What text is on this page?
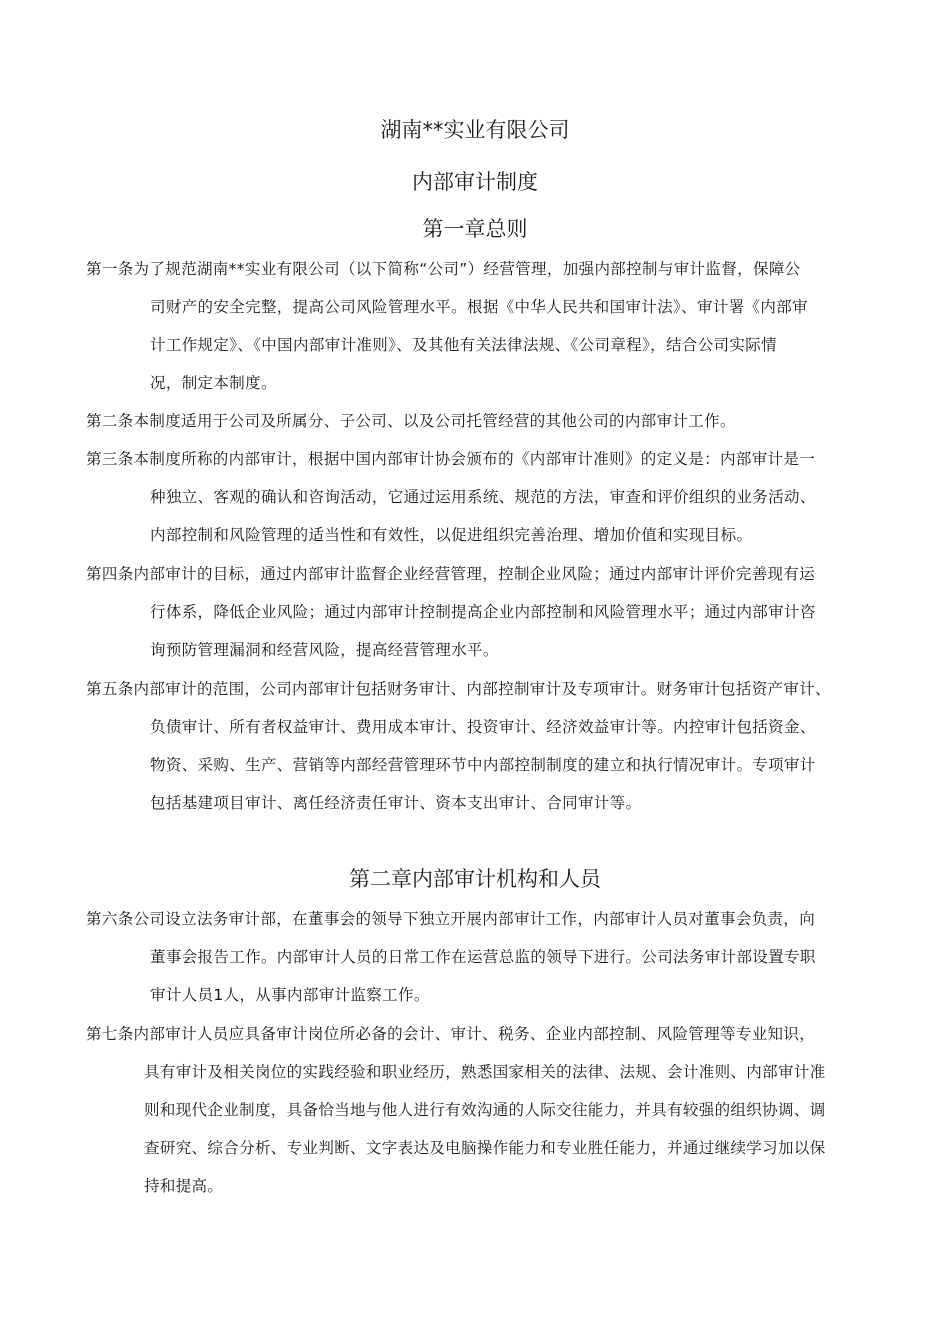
湖南**实业有限公司
内部审计制度
第一章总则
第一条为了规范湖南**实业有限公司（以下简称“公司”）经营管理，加强内部控制与审计监督，保障公
司财产的安全完整，提高公司风险管理水平。根据《中华人民共和国审计法》、审计署《内部审
计工作规定》、《中国内部审计准则》、及其他有关法律法规、《公司章程》，结合公司实际情
况，制定本制度。
第二条本制度适用于公司及所属分、子公司、以及公司托管经营的其他公司的内部审计工作。
第三条本制度所称的内部审计，根据中国内部审计协会颁布的《内部审计准则》的定义是：内部审计是一
种独立、客观的确认和咨询活动，它通过运用系统、规范的方法，审查和评价组织的业务活动、
内部控制和风险管理的适当性和有效性，以促进组织完善治理、增加价值和实现目标。
第四条内部审计的目标，通过内部审计监督企业经营管理，控制企业风险；通过内部审计评价完善现有运
行体系，降低企业风险；通过内部审计控制提高企业内部控制和风险管理水平；通过内部审计咨
询预防管理漏洞和经营风险，提高经营管理水平。
第五条内部审计的范围，公司内部审计包括财务审计、内部控制审计及专项审计。财务审计包括资产审计、
负债审计、所有者权益审计、费用成本审计、投资审计、经济效益审计等。内控审计包括资金、
物资、采购、生产、营销等内部经营管理环节中内部控制制度的建立和执行情况审计。专项审计
包括基建项目审计、离任经济责任审计、资本支出审计、合同审计等。
第二章内部审计机构和人员
第六条公司设立法务审计部，在董事会的领导下独立开展内部审计工作，内部审计人员对董事会负责，向
董事会报告工作。内部审计人员的日常工作在运营总监的领导下进行。公司法务审计部设置专职
审计人员1人，从事内部审计监察工作。
第七条内部审计人员应具备审计岗位所必备的会计、审计、税务、企业内部控制、风险管理等专业知识，
具有审计及相关岗位的实践经验和职业经历，熟悉国家相关的法律、法规、会计准则、内部审计准
则和现代企业制度，具备恰当地与他人进行有效沟通的人际交往能力，并具有较强的组织协调、调
查研究、综合分析、专业判断、文字表达及电脑操作能力和专业胜任能力，并通过继续学习加以保
持和提高。
